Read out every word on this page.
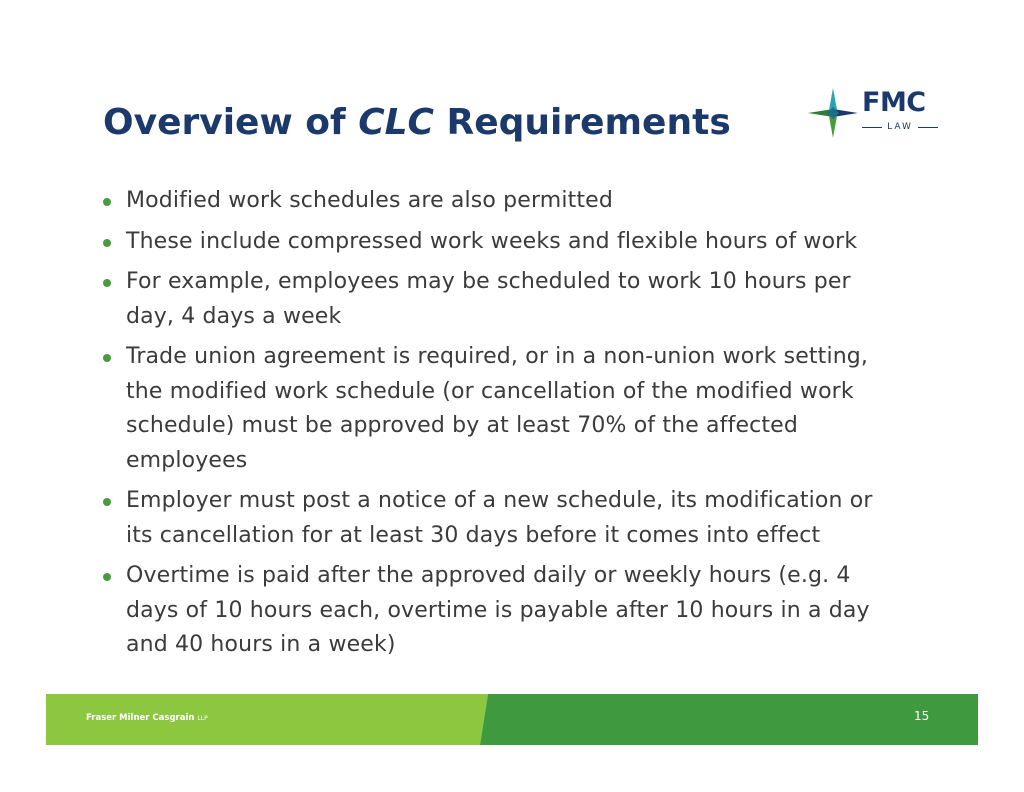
Overview of CLC Requirements	FMC
LAW
Modified work schedules are also permitted
These include compressed work weeks and flexible hours of work
For example, employees may be scheduled to work 10 hours per day, 4 days a week
Trade union agreement is required, or in a non-union work setting, the modified work schedule (or cancellation of the modified work schedule) must be approved by at least 70% of the affected employees
Employer must post a notice of a new schedule, its modification or its cancellation for at least 30 days before it comes into effect
Overtime is paid after the approved daily or weekly hours (e.g. 4 days of 10 hours each, overtime is payable after 10 hours in a day and 40 hours in a week)
Fraser Milner Casgrain LLP	15
